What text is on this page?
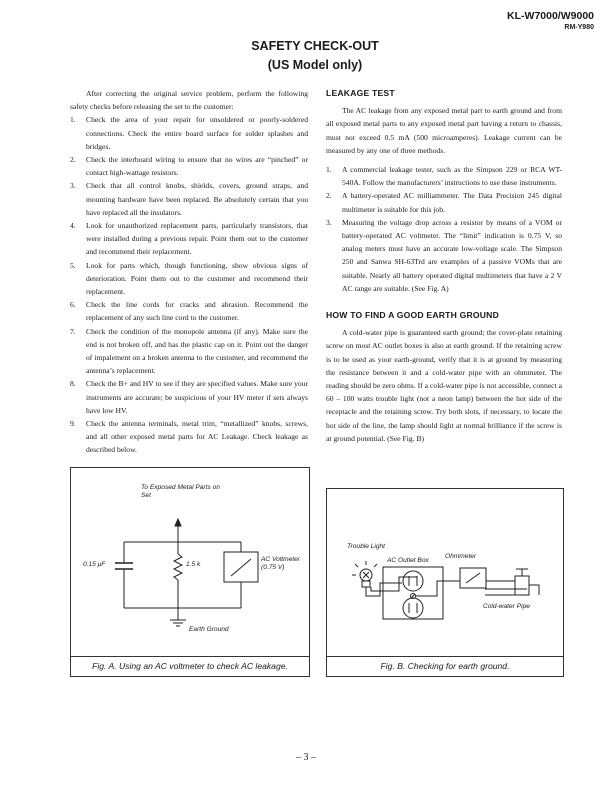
KL-W7000/W9000
RM-Y980
SAFETY CHECK-OUT
(US Model only)

After correcting the original service problem, perform the following safety checks before releasing the set to the customer:

1. Check the area of your repair for unsoldered or poorly-soldered connections. Check the entire board surface for solder splashes and bridges.
2. Check the interboard wiring to ensure that no wires are “pinched” or contact high-wattage resistors.
3. Check that all control knobs, shields, covers, ground straps, and mounting hardware have been replaced. Be absolutely certain that you have replaced all the insulators.
4. Look for unauthorized replacement parts, particularly transistors, that were installed during a previous repair. Point them out to the customer and recommend their replacement.
5. Look for parts which, though functioning, show obvious signs of deterioration. Point them out to the customer and recommend their replacement.
6. Check the line cords for cracks and abrasion. Recommend the replacement of any such line cord to the customer.
7. Check the condition of the monopole antenna (if any). Make sure the end is not broken off, and has the plastic cap on it. Point out the danger of impalement on a broken antenna to the customer, and recommend the antenna’s replacement.
8. Check the B+ and HV to see if they are specified values. Make sure your instruments are accurate; be suspicious of your HV meter if sets always have low HV.
9. Check the antenna terminals, metal trim, “metallized” knobs, screws, and all other exposed metal parts for AC Leakage. Check leakage as described below.
LEAKAGE TEST

The AC leakage from any exposed metal part to earth ground and from all exposed metal parts to any exposed metal part having a return to chassis, must not exceed 0.5 mA (500 microamperes). Leakage current can be measured by any one of three methods.

1. A commercial leakage tester, such as the Simpson 229 or RCA WT-540A. Follow the manufacturers’ instructions to use these instruments.
2. A battery-operated AC milliammeter. The Data Precision 245 digital multimeter is suitable for this job.
3. Measuring the voltage drop across a resistor by means of a VOM or battery-operated AC voltmeter. The “limit” indication is 0.75 V, so analog meters must have an accurate low-voltage scale. The Simpson 250 and Sanwa SH-63Trd are examples of a passive VOMs that are suitable. Nearly all battery operated digital multimeters that have a 2 V AC range are suitable. (See Fig. A)
HOW TO FIND A GOOD EARTH GROUND

A cold-water pipe is guaranteed earth ground; the cover-plate retaining screw on most AC outlet boxes is also at earth ground. If the retaining screw is to be used as your earth-ground, verify that it is at ground by measuring the resistance between it and a cold-water pipe with an ohmmeter. The reading should be zero ohms. If a cold-water pipe is not accessible, connect a 60 – 100 watts trouble light (not a neon lamp) between the hot side of the receptacle and the retaining screw. Try both slots, if necessary, to locate the hot side of the line, the lamp should light at normal brilliance if the screw is at ground potential. (See Fig. B)

To Exposed Metal Parts on Set
0.15 μF	1.5 k
AC Voltmeter (0.75 V)
Earth Ground
Fig. A. Using an AC voltmeter to check AC leakage.
Trouble Light
AC Outlet Box
Ohmmeter
Cold-water Pipe
Fig. B. Checking for earth ground.
– 3 –
